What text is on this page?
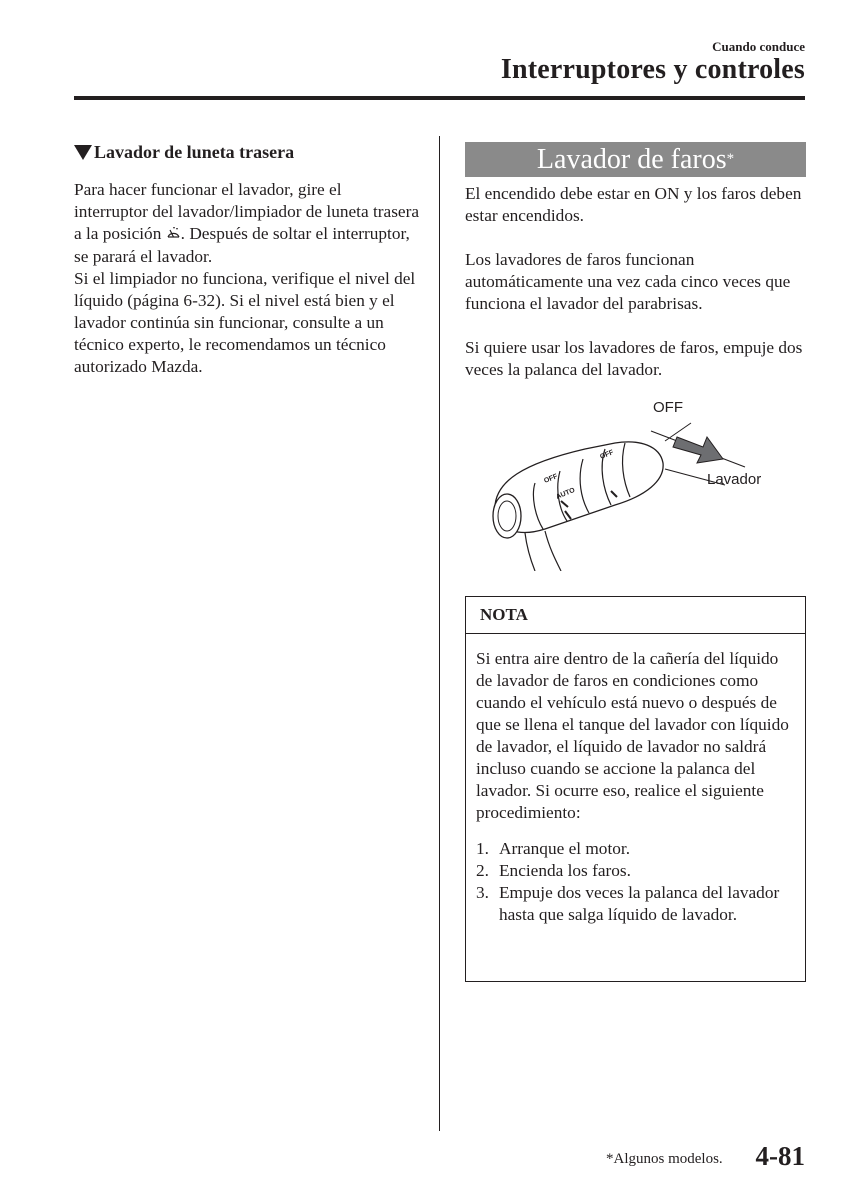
Cuando conduce
Interruptores y controles
Lavador de luneta trasera

Para hacer funcionar el lavador, gire el interruptor del lavador/limpiador de luneta trasera a la posición . Después de soltar el interruptor, se parará el lavador.

Si el limpiador no funciona, verifique el nivel del líquido (página 6-32). Si el nivel está bien y el lavador continúa sin funcionar, consulte a un técnico experto, le recomendamos un técnico autorizado Mazda.

Lavador de faros *

El encendido debe estar en ON y los faros deben estar encendidos.

Los lavadores de faros funcionan automáticamente una vez cada cinco veces que funciona el lavador del parabrisas.

Si quiere usar los lavadores de faros, empuje dos veces la palanca del lavador.

OFF
OFF
AUTO
OFF
Lavador
NOTA

Si entra aire dentro de la cañería del líquido de lavador de faros en condiciones como cuando el vehículo está nuevo o después de que se llena el tanque del lavador con líquido de lavador, el líquido de lavador no saldrá incluso cuando se accione la palanca del lavador. Si ocurre eso, realice el siguiente procedimiento:

1. Arranque el motor.
2. Encienda los faros.
3. Empuje dos veces la palanca del lavador hasta que salga líquido de lavador.
*Algunos modelos. 4-81
